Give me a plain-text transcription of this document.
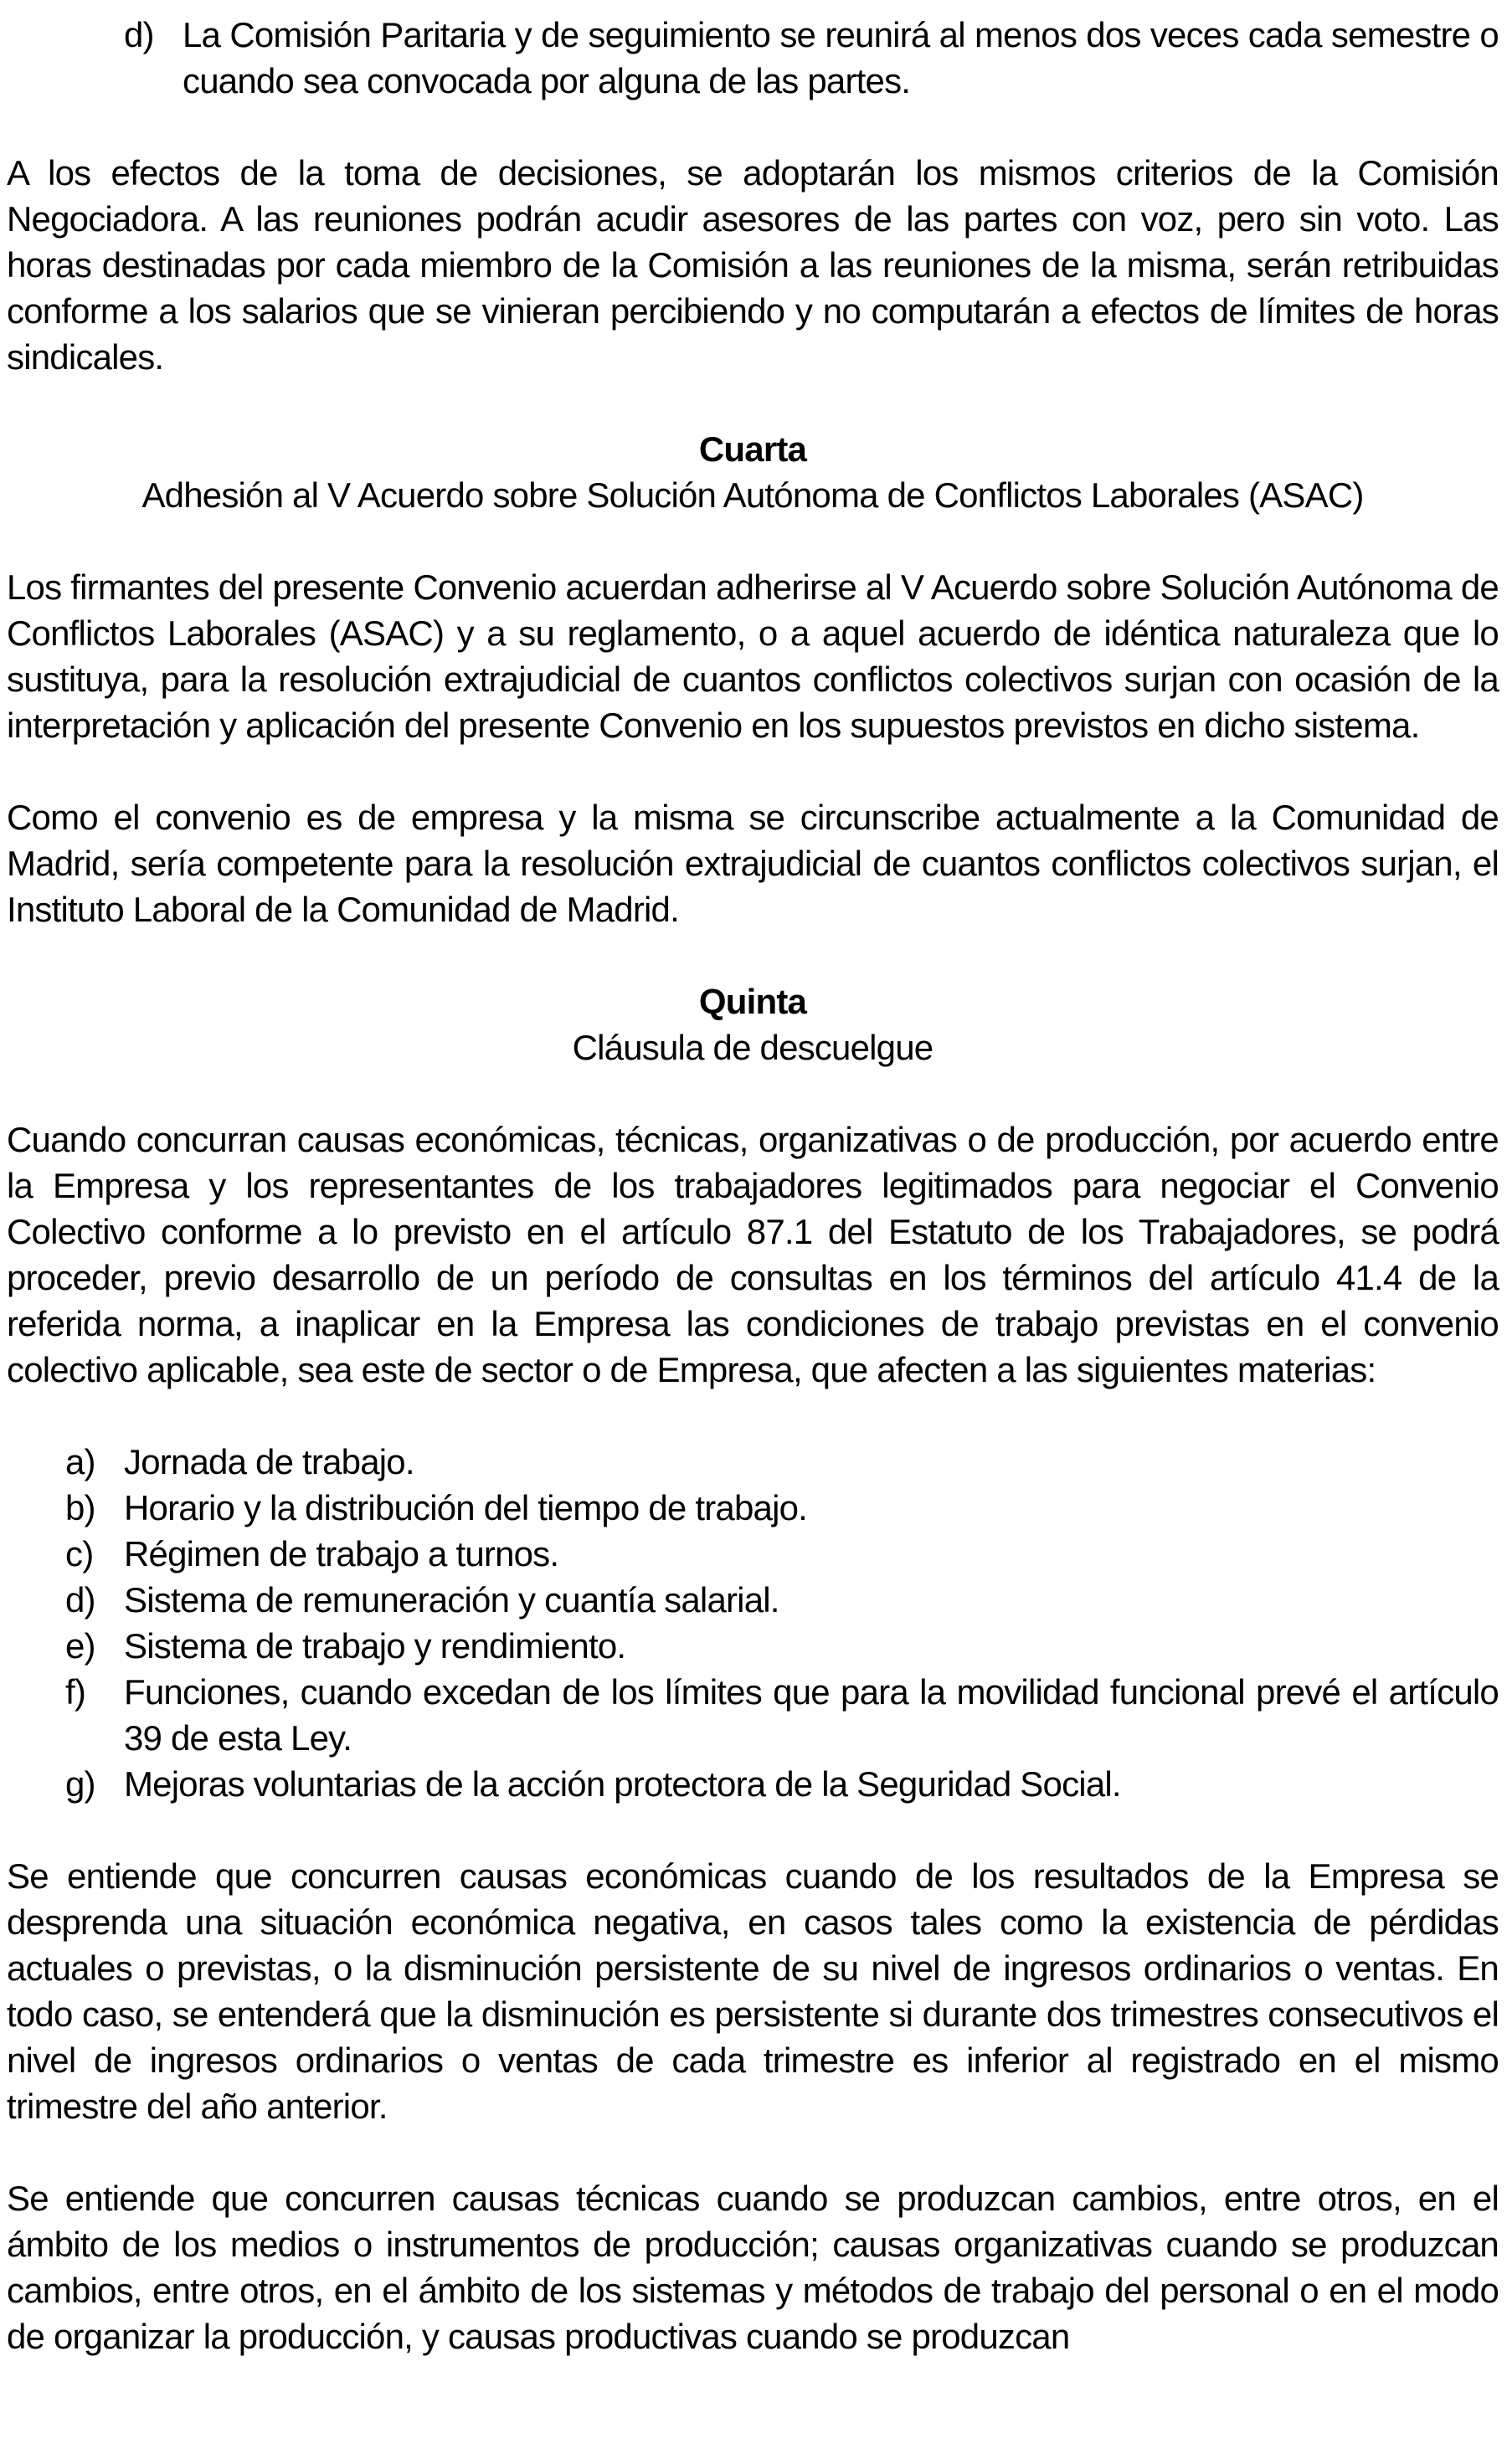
d) La Comisión Paritaria y de seguimiento se reunirá al menos dos veces cada semestre o cuando sea convocada por alguna de las partes.

A los efectos de la toma de decisiones, se adoptarán los mismos criterios de la Comisión Negociadora. A las reuniones podrán acudir asesores de las partes con voz, pero sin voto. Las horas destinadas por cada miembro de la Comisión a las reuniones de la misma, serán retribuidas conforme a los salarios que se vinieran percibiendo y no computarán a efectos de límites de horas sindicales.

Cuarta

Adhesión al V Acuerdo sobre Solución Autónoma de Conflictos Laborales (ASAC)

Los firmantes del presente Convenio acuerdan adherirse al V Acuerdo sobre Solución Autónoma de Conflictos Laborales (ASAC) y a su reglamento, o a aquel acuerdo de idéntica naturaleza que lo sustituya, para la resolución extrajudicial de cuantos conflictos colectivos surjan con ocasión de la interpretación y aplicación del presente Convenio en los supuestos previstos en dicho sistema.

Como el convenio es de empresa y la misma se circunscribe actualmente a la Comunidad de Madrid, sería competente para la resolución extrajudicial de cuantos conflictos colectivos surjan, el Instituto Laboral de la Comunidad de Madrid.

Quinta

Cláusula de descuelgue

Cuando concurran causas económicas, técnicas, organizativas o de producción, por acuerdo entre la Empresa y los representantes de los trabajadores legitimados para negociar el Convenio Colectivo conforme a lo previsto en el artículo 87.1 del Estatuto de los Trabajadores, se podrá proceder, previo desarrollo de un período de consultas en los términos del artículo 41.4 de la referida norma, a inaplicar en la Empresa las condiciones de trabajo previstas en el convenio colectivo aplicable, sea este de sector o de Empresa, que afecten a las siguientes materias:

a) Jornada de trabajo.
b) Horario y la distribución del tiempo de trabajo.
c) Régimen de trabajo a turnos.
d) Sistema de remuneración y cuantía salarial.
e) Sistema de trabajo y rendimiento.
f)	Funciones, cuando excedan de los límites que para la movilidad funcional prevé el artículo 39 de esta Ley.
g) Mejoras voluntarias de la acción protectora de la Seguridad Social.

Se entiende que concurren causas económicas cuando de los resultados de la Empresa se desprenda una situación económica negativa, en casos tales como la existencia de pérdidas actuales o previstas, o la disminución persistente de su nivel de ingresos ordinarios o ventas. En todo caso, se entenderá que la disminución es persistente si durante dos trimestres consecutivos el nivel de ingresos ordinarios o ventas de cada trimestre es inferior al registrado en el mismo trimestre del año anterior.

Se entiende que concurren causas técnicas cuando se produzcan cambios, entre otros, en el ámbito de los medios o instrumentos de producción; causas organizativas cuando se produzcan cambios, entre otros, en el ámbito de los sistemas y métodos de trabajo del personal o en el modo de organizar la producción, y causas productivas cuando se produzcan
